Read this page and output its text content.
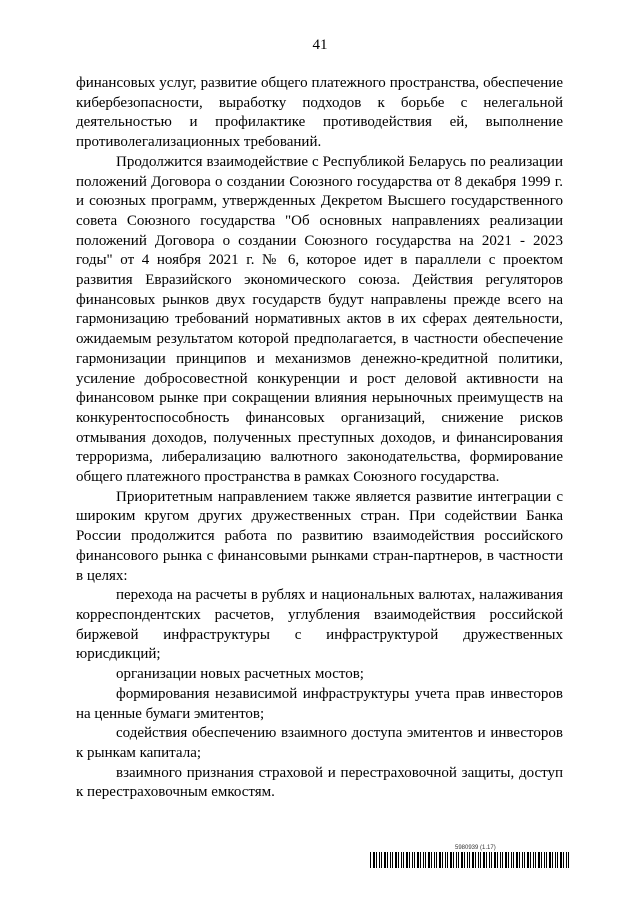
41

финансовых услуг, развитие общего платежного пространства, обеспечение кибербезопасности, выработку подходов к борьбе с нелегальной деятельностью и профилактике противодействия ей, выполнение противолегализационных требований.

Продолжится взаимодействие с Республикой Беларусь по реализации положений Договора о создании Союзного государства от 8 декабря 1999 г. и союзных программ, утвержденных Декретом Высшего государственного совета Союзного государства "Об основных направлениях реализации положений Договора о создании Союзного государства на 2021 - 2023 годы" от 4 ноября 2021 г. № 6, которое идет в параллели с проектом развития Евразийского экономического союза. Действия регуляторов финансовых рынков двух государств будут направлены прежде всего на гармонизацию требований нормативных актов в их сферах деятельности, ожидаемым результатом которой предполагается, в частности обеспечение гармонизации принципов и механизмов денежно-кредитной политики, усиление добросовестной конкуренции и рост деловой активности на финансовом рынке при сокращении влияния нерыночных преимуществ на конкурентоспособность финансовых организаций, снижение рисков отмывания доходов, полученных преступных доходов, и финансирования терроризма, либерализацию валютного законодательства, формирование общего платежного пространства в рамках Союзного государства.

Приоритетным направлением также является развитие интеграции с широким кругом других дружественных стран. При содействии Банка России продолжится работа по развитию взаимодействия российского финансового рынка с финансовыми рынками стран-партнеров, в частности в целях:

перехода на расчеты в рублях и национальных валютах, налаживания корреспондентских расчетов, углубления взаимодействия российской биржевой инфраструктуры с инфраструктурой дружественных юрисдикций;

организации новых расчетных мостов;

формирования независимой инфраструктуры учета прав инвесторов на ценные бумаги эмитентов;

содействия обеспечению взаимного доступа эмитентов и инвесторов к рынкам капитала;

взаимного признания страховой и перестраховочной защиты, доступ к перестраховочным емкостям.

5980939 (1.17)
